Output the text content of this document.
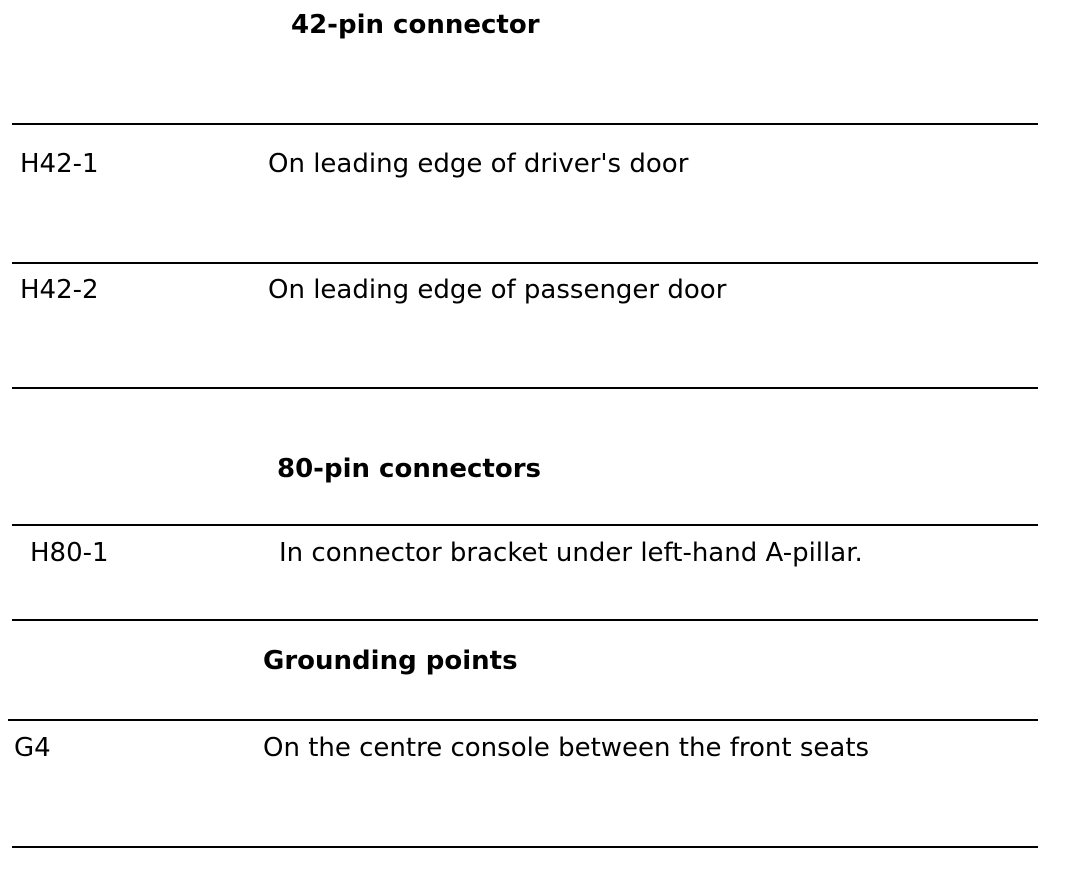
42-pin connector
H42-1	On leading edge of driver's door
H42-2	On leading edge of passenger door
80-pin connectors
H80-1	In connector bracket under left-hand A-pillar.
Grounding points
G4	On the centre console between the front seats
